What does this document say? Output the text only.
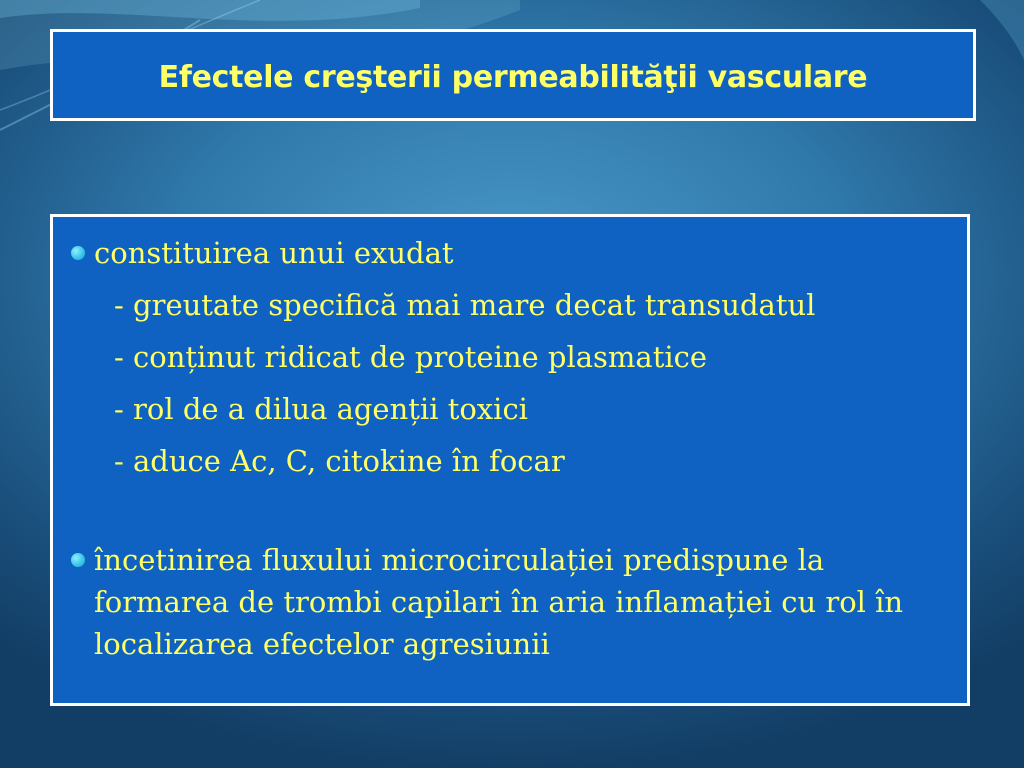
Efectele creşterii permeabilităţii vasculare
constituirea unui exudat
- greutate specifică mai mare decat transudatul
- conținut ridicat de proteine plasmatice
- rol de a dilua agenții toxici
- aduce Ac, C, citokine în focar
încetinirea fluxului microcirculației predispune la formarea de trombi capilari în aria inflamației cu rol în localizarea efectelor agresiunii
